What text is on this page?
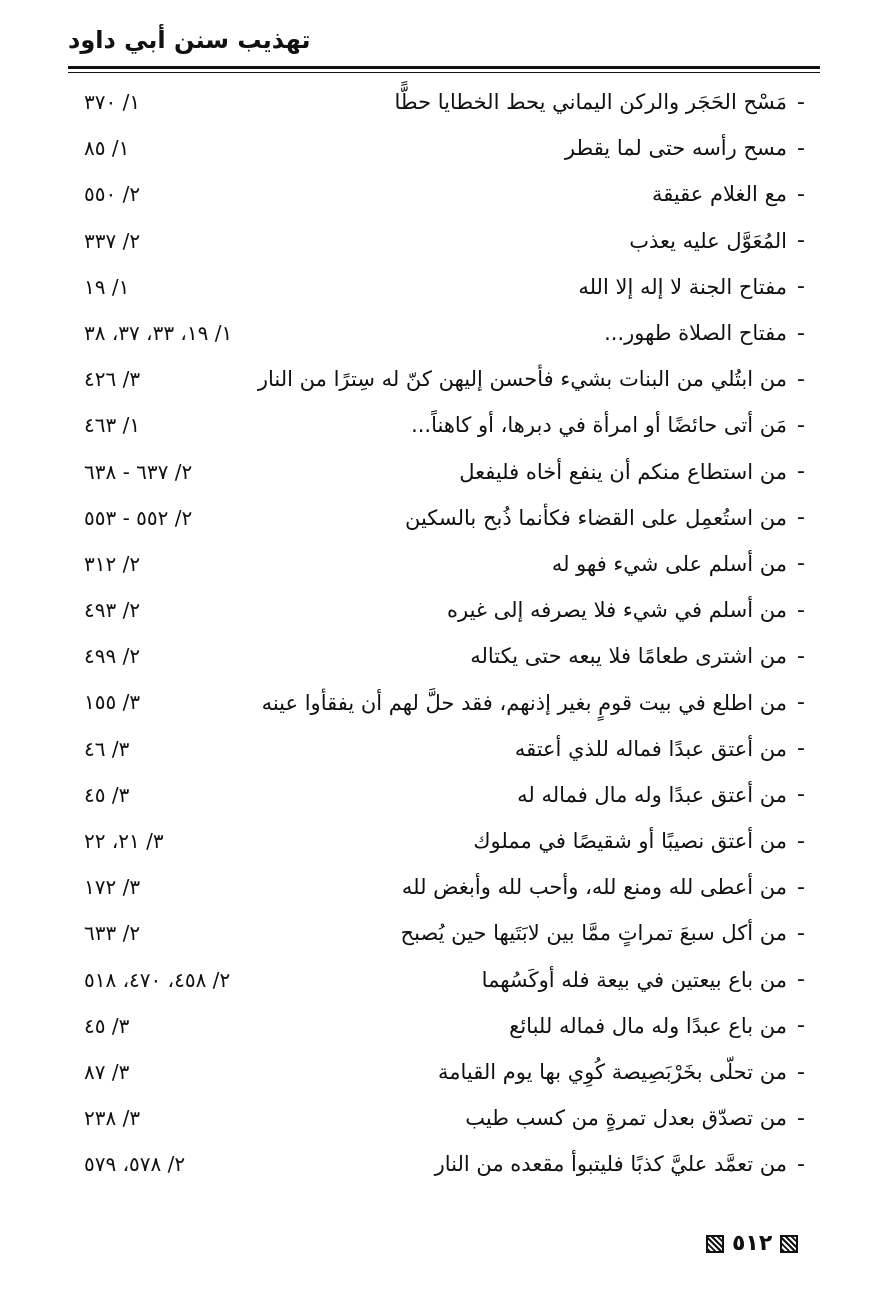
تهذيب سنن أبي داود
-
مَسْح الحَجَر والركن اليماني يحط الخطايا حطًّا
١/ ٣٧٠
-
مسح رأسه حتى لما يقطر
١/ ٨٥
-
مع الغلام عقيقة
٢/ ٥٥٠
-
المُعَوَّل عليه يعذب
٢/ ٣٣٧
-
مفتاح الجنة لا إله إلا الله
١/ ١٩
-
مفتاح الصلاة طهور...
١/ ١٩، ٣٣، ٣٧، ٣٨
-
من ابتُلي من البنات بشيء فأحسن إليهن كنّ له سِترًا من النار
٣/ ٤٢٦
-
مَن أتى حائضًا أو امرأة في دبرها، أو كاهناً...
١/ ٤٦٣
-
من استطاع منكم أن ينفع أخاه فليفعل
٢/ ٦٣٧ - ٦٣٨
-
من استُعمِل على القضاء فكأنما ذُبح بالسكين
٢/ ٥٥٢ - ٥٥٣
-
من أسلم على شيء فهو له
٢/ ٣١٢
-
من أسلم في شيء فلا يصرفه إلى غيره
٢/ ٤٩٣
-
من اشترى طعامًا فلا يبعه حتى يكتاله
٢/ ٤٩٩
-
من اطلع في بيت قومٍ بغير إذنهم، فقد حلَّ لهم أن يفقأوا عينه
٣/ ١٥٥
-
من أعتق عبدًا فماله للذي أعتقه
٣/ ٤٦
-
من أعتق عبدًا وله مال فماله له
٣/ ٤٥
-
من أعتق نصيبًا أو شقيصًا في مملوك
٣/ ٢١، ٢٢
-
من أعطى لله ومنع لله، وأحب لله وأبغض لله
٣/ ١٧٢
-
من أكل سبعَ تمراتٍ ممَّا بين لابَتَيها حين يُصبح
٢/ ٦٣٣
-
من باع بيعتين في بيعة فله أوكَسُهما
٢/ ٤٥٨، ٤٧٠، ٥١٨
-
من باع عبدًا وله مال فماله للبائع
٣/ ٤٥
-
من تحلّى بخَرْبَصِيصة كُوِي بها يوم القيامة
٣/ ٨٧
-
من تصدّق بعدل تمرةٍ من كسب طيب
٣/ ٢٣٨
-
من تعمَّد عليَّ كذبًا فليتبوأ مقعده من النار
٢/ ٥٧٨، ٥٧٩
٥١٢
